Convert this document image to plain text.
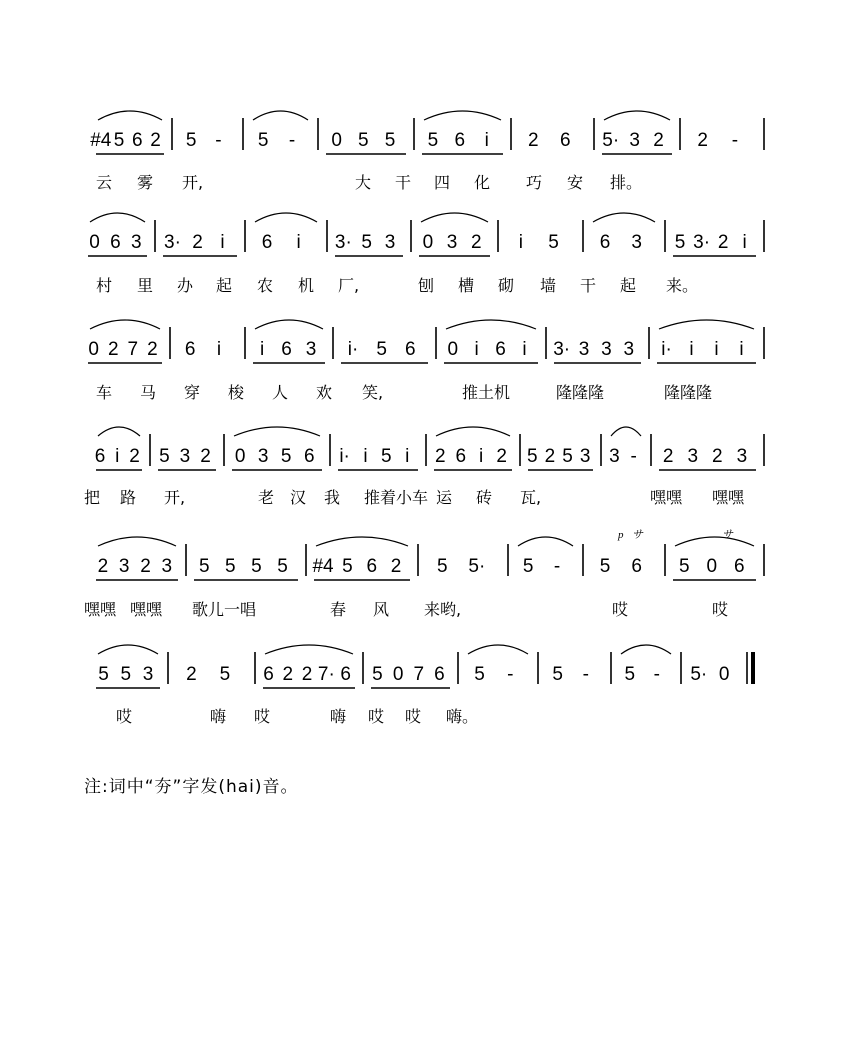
#4 5 6 2 5 - 5 - 0 5 5 5 6 i 2 6 5· 3 2 2 -
云 雾 开,	大 干 四 化 巧 安 排。
0 6 3 3· 2 i 6 i 3· 5 3 0 3 2 i 5 6 3 5 3· 2 i
村 里 办 起 农 机 厂,	刨 槽 砌 墙 干 起 来。
0 2 7 2 6 i i 6 3 i· 5 6 0 i 6 i 3· 3 3 3 i· i i i
车 马 穿 梭 人 欢 笑,	推土机	隆隆隆	隆隆隆
6 i 2 5 3 2 0 3 5 6 i· i 5 i 2 6 i 2 5 2 5 3 3 - 2 3 2 3
把 路 开,	老 汉 我 推着小车 运 砖 瓦,	嘿嘿 嘿嘿
2 3 2 3 5 5 5 5 #4 5 6 2 5 5· 5 - 5 6 5 0 6
嘿嘿 嘿嘿 歌儿一唱	春 风 来哟,	哎	哎
p サ	サ
5 5 3 2 5 6 2 2 7· 6 5 0 7 6 5 - 5 - 5 - 5· 0
哎	嗨 哎	嗨 哎 哎 嗨。

注:词中“夯”字发(hai)音。
